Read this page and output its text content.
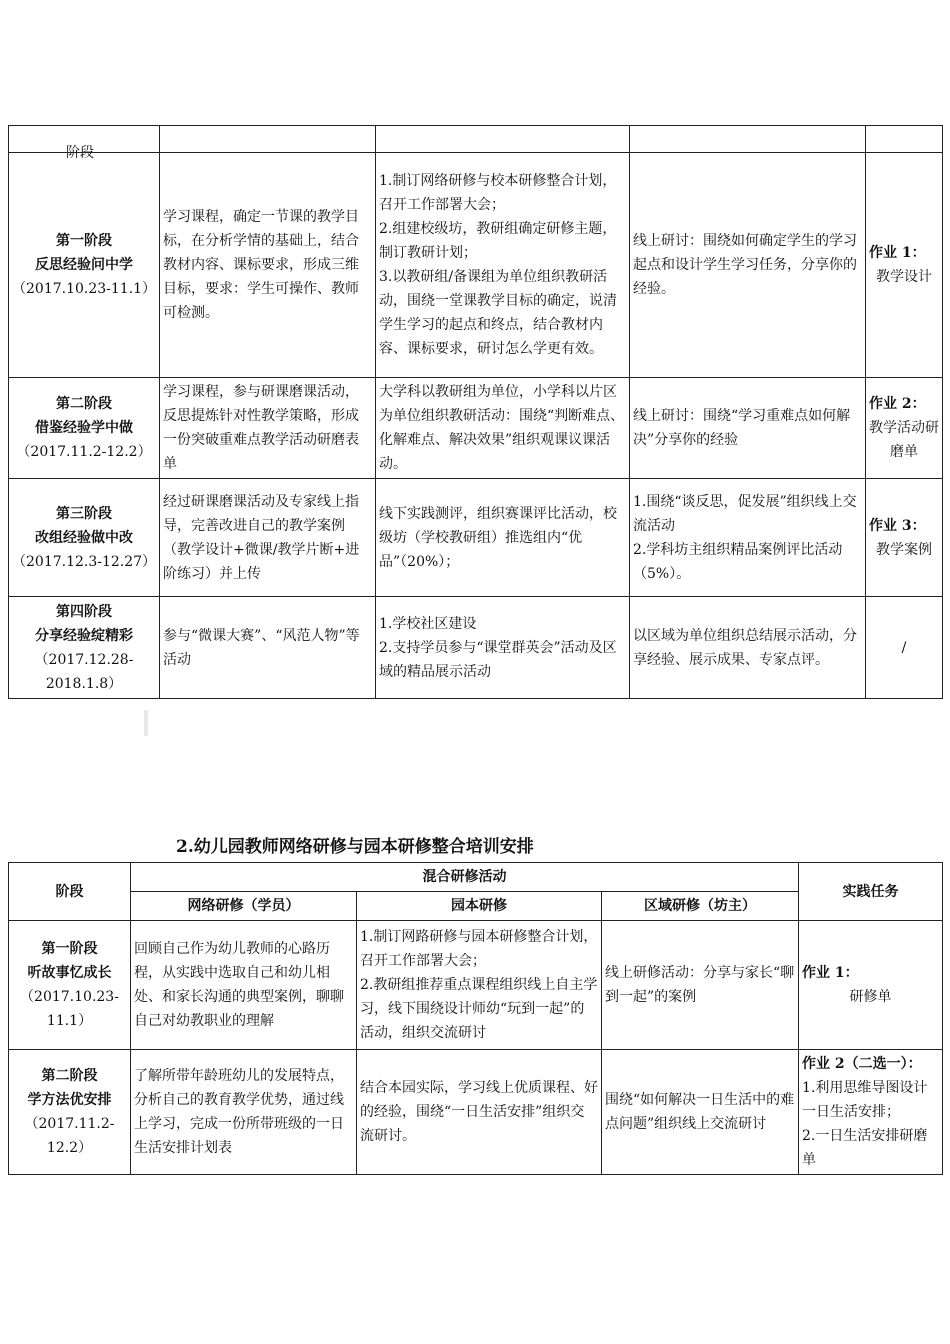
阶段

第一阶段
反思经验问中学
（2017.10.23-11.1）	学习课程，确定一节课的教学目标，在分析学情的基础上，结合教材内容、课标要求，形成三维目标，要求：学生可操作、教师可检测。	1.制订网络研修与校本研修整合计划，召开工作部署大会；
2.组建校级坊，教研组确定研修主题，制订教研计划；
3.以教研组/备课组为单位组织教研活动，围绕一堂课教学目标的确定，说清学生学习的起点和终点，结合教材内容、课标要求，研讨怎么学更有效。	线上研讨：围绕如何确定学生的学习起点和设计学生学习任务，分享你的经验。	作业 1：
教学设计

第二阶段
借鉴经验学中做
（2017.11.2-12.2）	学习课程，参与研课磨课活动，反思提炼针对性教学策略，形成一份突破重难点教学活动研磨表单	大学科以教研组为单位，小学科以片区为单位组织教研活动：围绕“判断难点、化解难点、解决效果”组织观课议课活动。	线上研讨：围绕“学习重难点如何解决”分享你的经验	作业 2：
教学活动研磨单

第三阶段
改组经验做中改
（2017.12.3-12.27）	经过研课磨课活动及专家线上指导，完善改进自己的教学案例（教学设计+微课/教学片断+进阶练习）并上传	线下实践测评，组织赛课评比活动，校级坊（学校教研组）推选组内“优品”（20%）；	1.围绕“谈反思，促发展”组织线上交流活动
2.学科坊主组织精品案例评比活动（5%）。	作业 3：
教学案例

第四阶段
分享经验绽精彩
（2017.12.28-2018.1.8）	参与“微课大赛”、“风范人物”等活动	1.学校社区建设
2.支持学员参与“课堂群英会”活动及区域的精品展示活动	以区域为单位组织总结展示活动，分享经验、展示成果、专家点评。	/
2.幼儿园教师网络研修与园本研修整合培训安排
阶段	混合研修活动			实践任务
	网络研修（学员）	园本研修	区域研修（坊主）	

第一阶段
听故事忆成长
（2017.10.23-11.1）	回顾自己作为幼儿教师的心路历程，从实践中选取自己和幼儿相处、和家长沟通的典型案例，聊聊自己对幼教职业的理解	1.制订网路研修与园本研修整合计划，召开工作部署大会；
2.教研组推荐重点课程组织线上自主学习，线下围绕设计师幼“玩到一起”的活动，组织交流研讨	线上研修活动：分享与家长“聊到一起”的案例	作业 1：
研修单

第二阶段
学方法优安排
（2017.11.2-12.2）	了解所带年龄班幼儿的发展特点，分析自己的教育教学优势，通过线上学习，完成一份所带班级的一日生活安排计划表	结合本园实际，学习线上优质课程、好的经验，围绕“一日生活安排”组织交流研讨。	围绕“如何解决一日生活中的难点问题”组织线上交流研讨	作业 2（二选一）：
1.利用思维导图设计一日生活安排；
2.一日生活安排研磨单
